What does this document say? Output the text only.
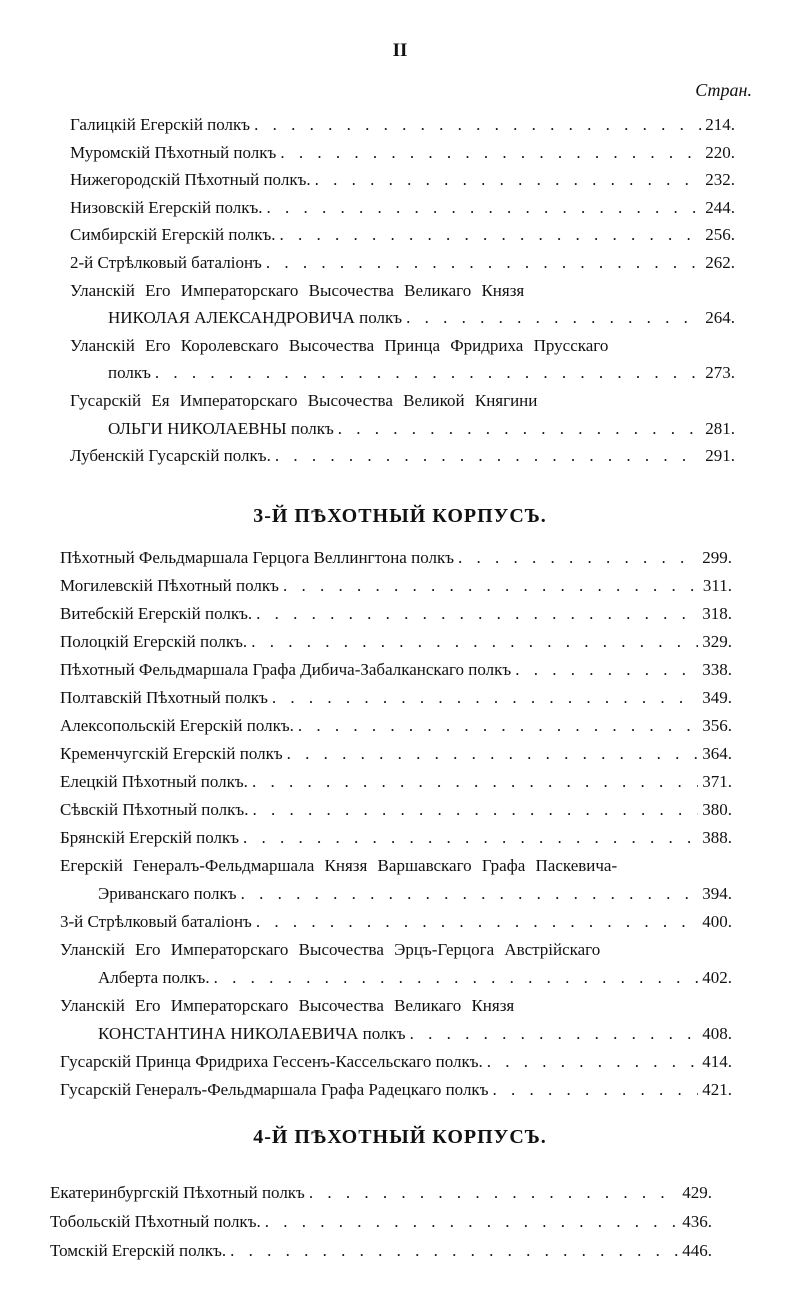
II
Стран.
Галицкій Егерскій полкъ . . .	214.
Муромскій Пѣхотный полкъ . . .	220.
Нижегородскій Пѣхотный полкъ. . . .	232.
Низовскій Егерскій полкъ. . . .	244.
Симбирскій Егерскій полкъ. . . .	256.
2-й Стрѣлковый баталіонъ . . .	262.
Уланскій Его Императорскаго Высочества Великаго Князя
НИКОЛАЯ АЛЕКСАНДРОВИЧА полкъ . . .	264.
Уланскій Его Королевскаго Высочества Принца Фридриха Прусскаго
полкъ . . .	273.
Гусарскій Ея Императорскаго Высочества Великой Княгини
ОЛЬГИ НИКОЛАЕВНЫ полкъ . . .	281.
Лубенскій Гусарскій полкъ. . . .	291.
3-Й ПѢХОТНЫЙ КОРПУСЪ.
Пѣхотный Фельдмаршала Герцога Веллингтона полкъ . . .	299.
Могилевскій Пѣхотный полкъ . . .	311.
Витебскій Егерскій полкъ. . . .	318.
Полоцкій Егерскій полкъ. . . .	329.
Пѣхотный Фельдмаршала Графа Дибича-Забалканскаго полкъ . . .	338.
Полтавскій Пѣхотный полкъ . . .	349.
Алексопольскій Егерскій полкъ. . . .	356.
Кременчугскій Егерскій полкъ . . .	364.
Елецкій Пѣхотный полкъ. . . .	371.
Сѣвскій Пѣхотный полкъ. . . .	380.
Брянскій Егерскій полкъ . . .	388.
Егерскій Генералъ-Фельдмаршала Князя Варшавскаго Графа Паскевича-
Эриванскаго полкъ . . .	394.
3-й Стрѣлковый баталіонъ . . .	400.
Уланскій Его Императорскаго Высочества Эрцъ-Герцога Австрійскаго
Алберта полкъ. . . .	402.
Уланскій Его Императорскаго Высочества Великаго Князя
КОНСТАНТИНА НИКОЛАЕВИЧА полкъ . . .	408.
Гусарскій Принца Фридриха Гессенъ-Кассельскаго полкъ. . . .	414.
Гусарскій Генералъ-Фельдмаршала Графа Радецкаго полкъ . . .	421.
4-Й ПѢХОТНЫЙ КОРПУСЪ.
Екатеринбургскій Пѣхотный полкъ . . .	429.
Тобольскій Пѣхотный полкъ. . . .	436.
Томскій Егерскій полкъ. . . .	446.
